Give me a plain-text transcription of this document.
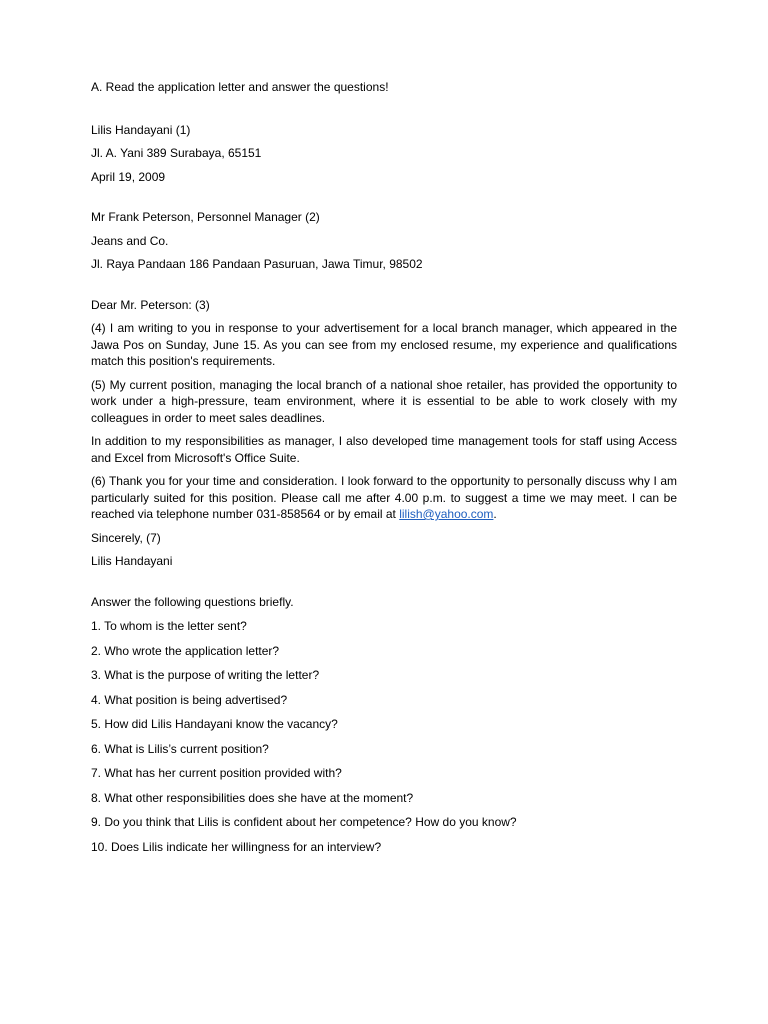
A. Read the application letter and answer the questions!

Lilis Handayani (1)

Jl. A. Yani 389 Surabaya, 65151

April 19, 2009

Mr Frank Peterson, Personnel Manager (2)

Jeans and Co.

Jl. Raya Pandaan 186 Pandaan Pasuruan, Jawa Timur, 98502

Dear Mr. Peterson: (3)

(4) I am writing to you in response to your advertisement for a local branch manager, which appeared in the Jawa Pos on Sunday, June 15. As you can see from my enclosed resume, my experience and qualifications match this position's requirements.

(5) My current position, managing the local branch of a national shoe retailer, has provided the opportunity to work under a high-pressure, team environment, where it is essential to be able to work closely with my colleagues in order to meet sales deadlines.

In addition to my responsibilities as manager, I also developed time management tools for staff using Access and Excel from Microsoft's Office Suite.

(6) Thank you for your time and consideration. I look forward to the opportunity to personally discuss why I am particularly suited for this position. Please call me after 4.00 p.m. to suggest a time we may meet. I can be reached via telephone number 031-858564 or by email at lilish@yahoo.com.

Sincerely, (7)

Lilis Handayani

Answer the following questions briefly.

1. To whom is the letter sent?

2. Who wrote the application letter?

3. What is the purpose of writing the letter?

4. What position is being advertised?

5. How did Lilis Handayani know the vacancy?

6. What is Lilis’s current position?

7. What has her current position provided with?

8. What other responsibilities does she have at the moment?

9. Do you think that Lilis is confident about her competence? How do you know?

10. Does Lilis indicate her willingness for an interview?
